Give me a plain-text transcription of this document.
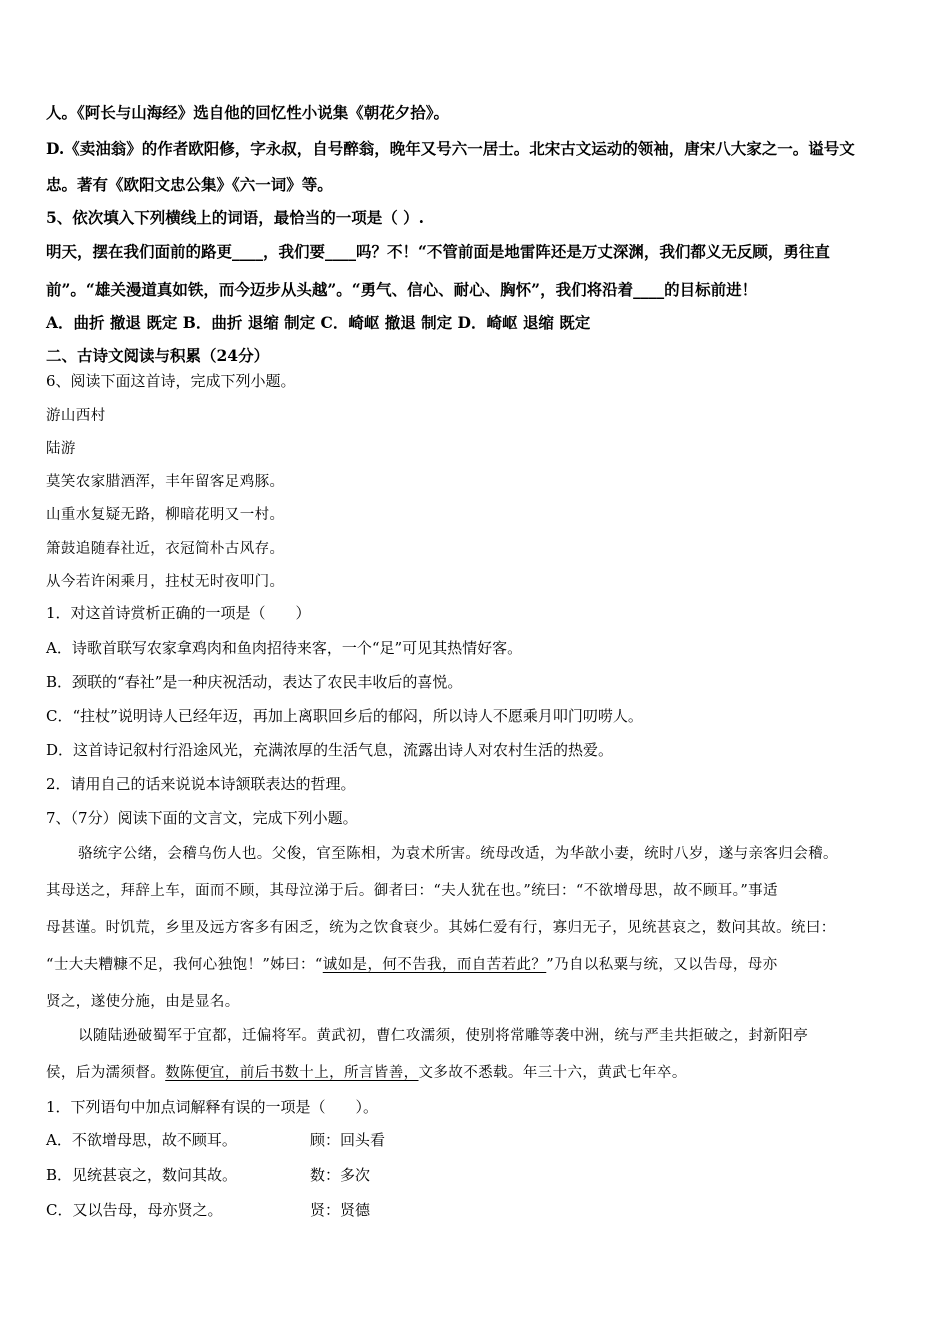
人。《阿长与山海经》选自他的回忆性小说集《朝花夕拾》。
D.《卖油翁》的作者欧阳修，字永叔，自号醉翁，晚年又号六一居士。北宋古文运动的领袖，唐宋八大家之一。谥号文
忠。著有《欧阳文忠公集》《六一词》等。
5、依次填入下列横线上的词语，最恰当的一项是（ ）.
明天，摆在我们面前的路更____，我们要____吗？不！“不管前面是地雷阵还是万丈深渊，我们都义无反顾，勇往直
前”。“雄关漫道真如铁，而今迈步从头越”。“勇气、信心、耐心、胸怀”，我们将沿着____的目标前进！
A．曲折 撤退 既定 B．曲折 退缩 制定 C．崎岖 撤退 制定 D．崎岖 退缩 既定
二、古诗文阅读与积累（24分）
6、阅读下面这首诗，完成下列小题。
游山西村
陆游
莫笑农家腊酒浑，丰年留客足鸡豚。
山重水复疑无路，柳暗花明又一村。
箫鼓追随春社近，衣冠简朴古风存。
从今若许闲乘月，拄杖无时夜叩门。
1．对这首诗赏析正确的一项是（　　）
A．诗歌首联写农家拿鸡肉和鱼肉招待来客，一个“足”可见其热情好客。
B．颈联的“春社”是一种庆祝活动，表达了农民丰收后的喜悦。
C．“拄杖”说明诗人已经年迈，再加上离职回乡后的郁闷，所以诗人不愿乘月叩门叨唠人。
D．这首诗记叙村行沿途风光，充满浓厚的生活气息，流露出诗人对农村生活的热爱。
2．请用自己的话来说说本诗颔联表达的哲理。
7、（7分）阅读下面的文言文，完成下列小题。
骆统字公绪，会稽乌伤人也。父俊，官至陈相，为袁术所害。统母改适，为华歆小妻，统时八岁，遂与亲客归会稽。
其母送之，拜辞上车，面而不顾，其母泣涕于后。御者曰：“夫人犹在也。”统曰：“不欲增母思，故不顾耳。”事适
母甚谨。时饥荒，乡里及远方客多有困乏，统为之饮食衰少。其姊仁爱有行，寡归无子，见统甚哀之，数问其故。统曰：
“士大夫糟糠不足，我何心独饱！”姊曰：“诚如是，何不告我，而自苦若此？”乃自以私粟与统，又以告母，母亦
贤之，遂使分施，由是显名。
以随陆逊破蜀军于宜都，迁偏将军。黄武初，曹仁攻濡须，使别将常雕等袭中洲，统与严圭共拒破之，封新阳亭
侯，后为濡须督。数陈便宜，前后书数十上，所言皆善，文多故不悉载。年三十六，黄武七年卒。
1．下列语句中加点词解释有误的一项是（　　）。
A．不欲增母思，故不顾耳。	顾：回头看
B．见统甚哀之，数问其故。	数：多次
C．又以告母，母亦贤之。	贤：贤德
